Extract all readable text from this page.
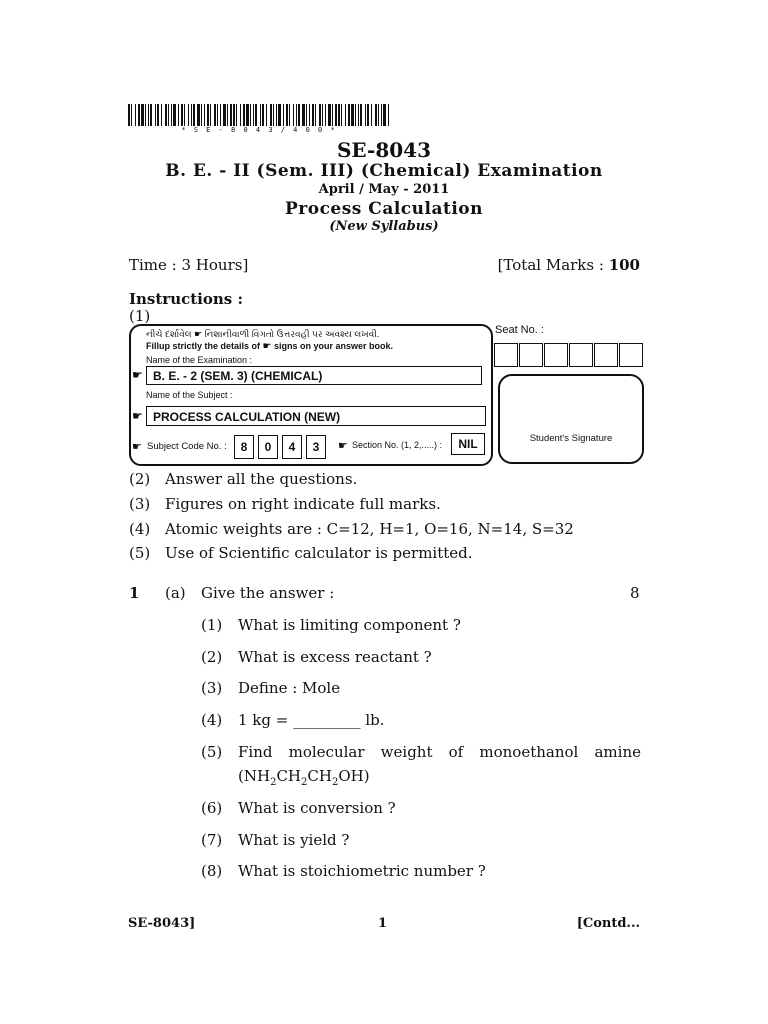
* S E - 8 0 4 3 / 4 0 0 *
SE-8043
B. E. - II (Sem. III) (Chemical) Examination
April / May - 2011
Process Calculation
(New Syllabus)
Time : 3 Hours]	[Total Marks : 100
Instructions :
(1)
નીચે દર્શાવેલ ☛ નિશાનીવાળી વિગતો ઉત્તરવહી પર અવશ્ય લખવી.
Fillup strictly the details of ☛ signs on your answer book.
Name of the Examination :
☛ B. E. - 2 (SEM. 3) (CHEMICAL)
Name of the Subject :
☛ PROCESS CALCULATION (NEW)
☛ Subject Code No. :	8	0	4	3	☛ Section No. (1, 2,.....) :	NIL
Seat No. :
Student's Signature
(2) Answer all the questions.
(3) Figures on right indicate full marks.
(4) Atomic weights are : C=12, H=1, O=16, N=14, S=32
(5) Use of Scientific calculator is permitted.
1 (a) Give the answer :	8
(1) What is limiting component ?
(2) What is excess reactant ?
(3) Define : Mole
(4) 1 kg = _________ lb.
(5) Find molecular weight of monoethanol amine
$(NH_2CH_2CH_2OH)$
(6) What is conversion ?
(7) What is yield ?
(8) What is stoichiometric number ?
SE-8043]	1	[Contd...
